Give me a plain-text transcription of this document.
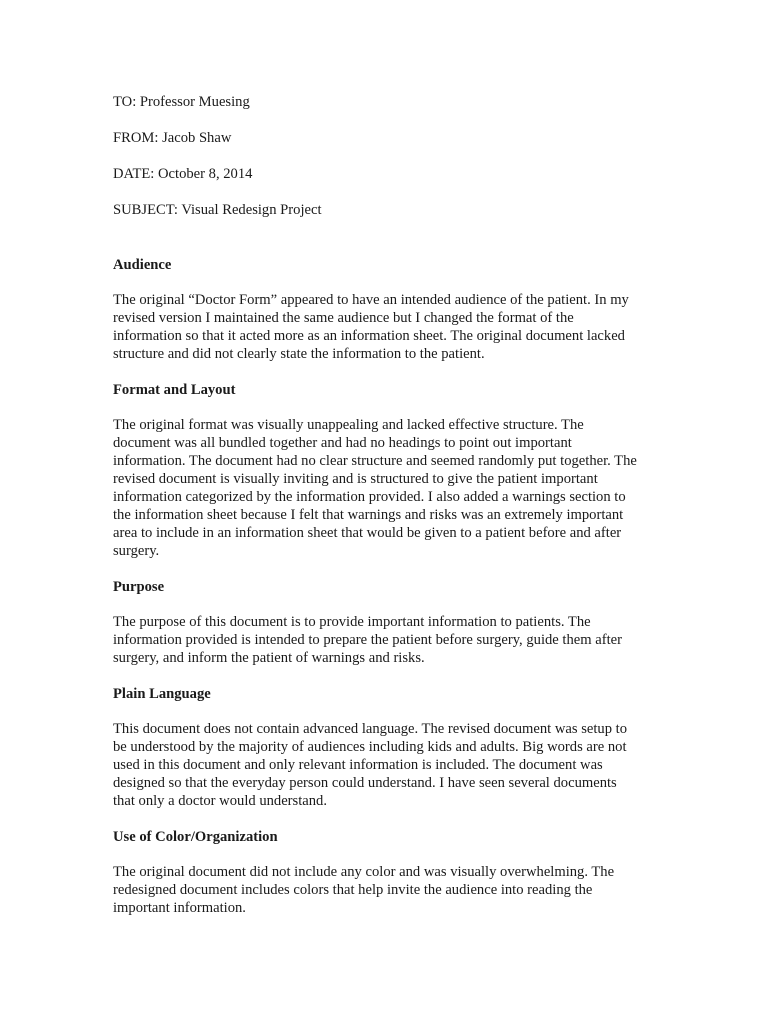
TO: Professor Muesing
FROM: Jacob Shaw
DATE: October 8, 2014
SUBJECT: Visual Redesign Project
Audience
The original “Doctor Form” appeared to have an intended audience of the patient. In my
revised version I maintained the same audience but I changed the format of the
information so that it acted more as an information sheet. The original document lacked
structure and did not clearly state the information to the patient.
Format and Layout
The original format was visually unappealing and lacked effective structure. The
document was all bundled together and had no headings to point out important
information. The document had no clear structure and seemed randomly put together. The
revised document is visually inviting and is structured to give the patient important
information categorized by the information provided. I also added a warnings section to
the information sheet because I felt that warnings and risks was an extremely important
area to include in an information sheet that would be given to a patient before and after
surgery.
Purpose
The purpose of this document is to provide important information to patients. The
information provided is intended to prepare the patient before surgery, guide them after
surgery, and inform the patient of warnings and risks.
Plain Language
This document does not contain advanced language. The revised document was setup to
be understood by the majority of audiences including kids and adults. Big words are not
used in this document and only relevant information is included. The document was
designed so that the everyday person could understand. I have seen several documents
that only a doctor would understand.
Use of Color/Organization
The original document did not include any color and was visually overwhelming. The
redesigned document includes colors that help invite the audience into reading the
important information.
